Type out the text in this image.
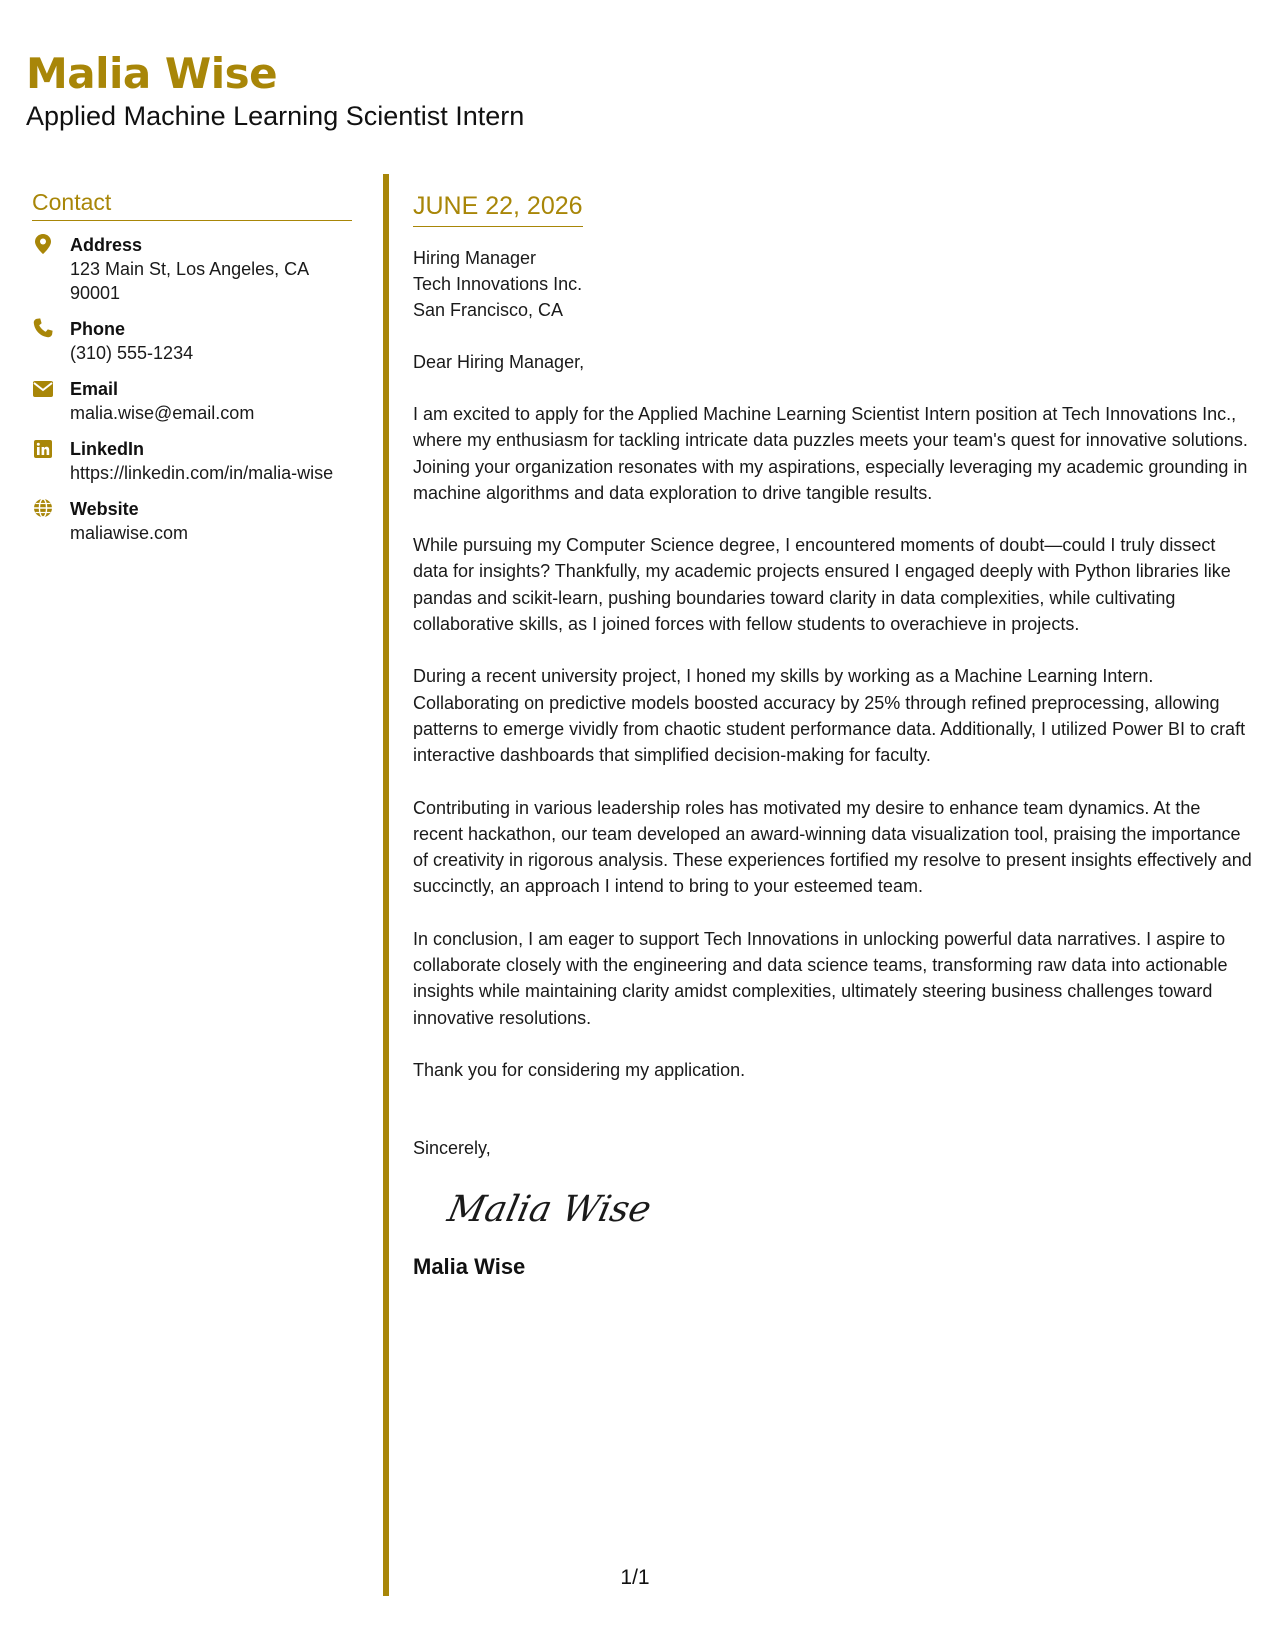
Malia Wise
Applied Machine Learning Scientist Intern
Contact
Address
123 Main St, Los Angeles, CA 90001
Phone
(310) 555-1234
Email
malia.wise@email.com
LinkedIn
https://linkedin.com/in/malia-wise
Website
maliawise.com
JUNE 22, 2026
Hiring Manager
Tech Innovations Inc.
San Francisco, CA
Dear Hiring Manager,
I am excited to apply for the Applied Machine Learning Scientist Intern position at Tech Innovations Inc., where my enthusiasm for tackling intricate data puzzles meets your team's quest for innovative solutions. Joining your organization resonates with my aspirations, especially leveraging my academic grounding in machine algorithms and data exploration to drive tangible results.
While pursuing my Computer Science degree, I encountered moments of doubt—could I truly dissect data for insights? Thankfully, my academic projects ensured I engaged deeply with Python libraries like pandas and scikit-learn, pushing boundaries toward clarity in data complexities, while cultivating collaborative skills, as I joined forces with fellow students to overachieve in projects.
During a recent university project, I honed my skills by working as a Machine Learning Intern. Collaborating on predictive models boosted accuracy by 25% through refined preprocessing, allowing patterns to emerge vividly from chaotic student performance data. Additionally, I utilized Power BI to craft interactive dashboards that simplified decision-making for faculty.
Contributing in various leadership roles has motivated my desire to enhance team dynamics. At the recent hackathon, our team developed an award-winning data visualization tool, praising the importance of creativity in rigorous analysis. These experiences fortified my resolve to present insights effectively and succinctly, an approach I intend to bring to your esteemed team.
In conclusion, I am eager to support Tech Innovations in unlocking powerful data narratives. I aspire to collaborate closely with the engineering and data science teams, transforming raw data into actionable insights while maintaining clarity amidst complexities, ultimately steering business challenges toward innovative resolutions.
Thank you for considering my application.
Sincerely,
Malia Wise
Malia Wise
1/1
